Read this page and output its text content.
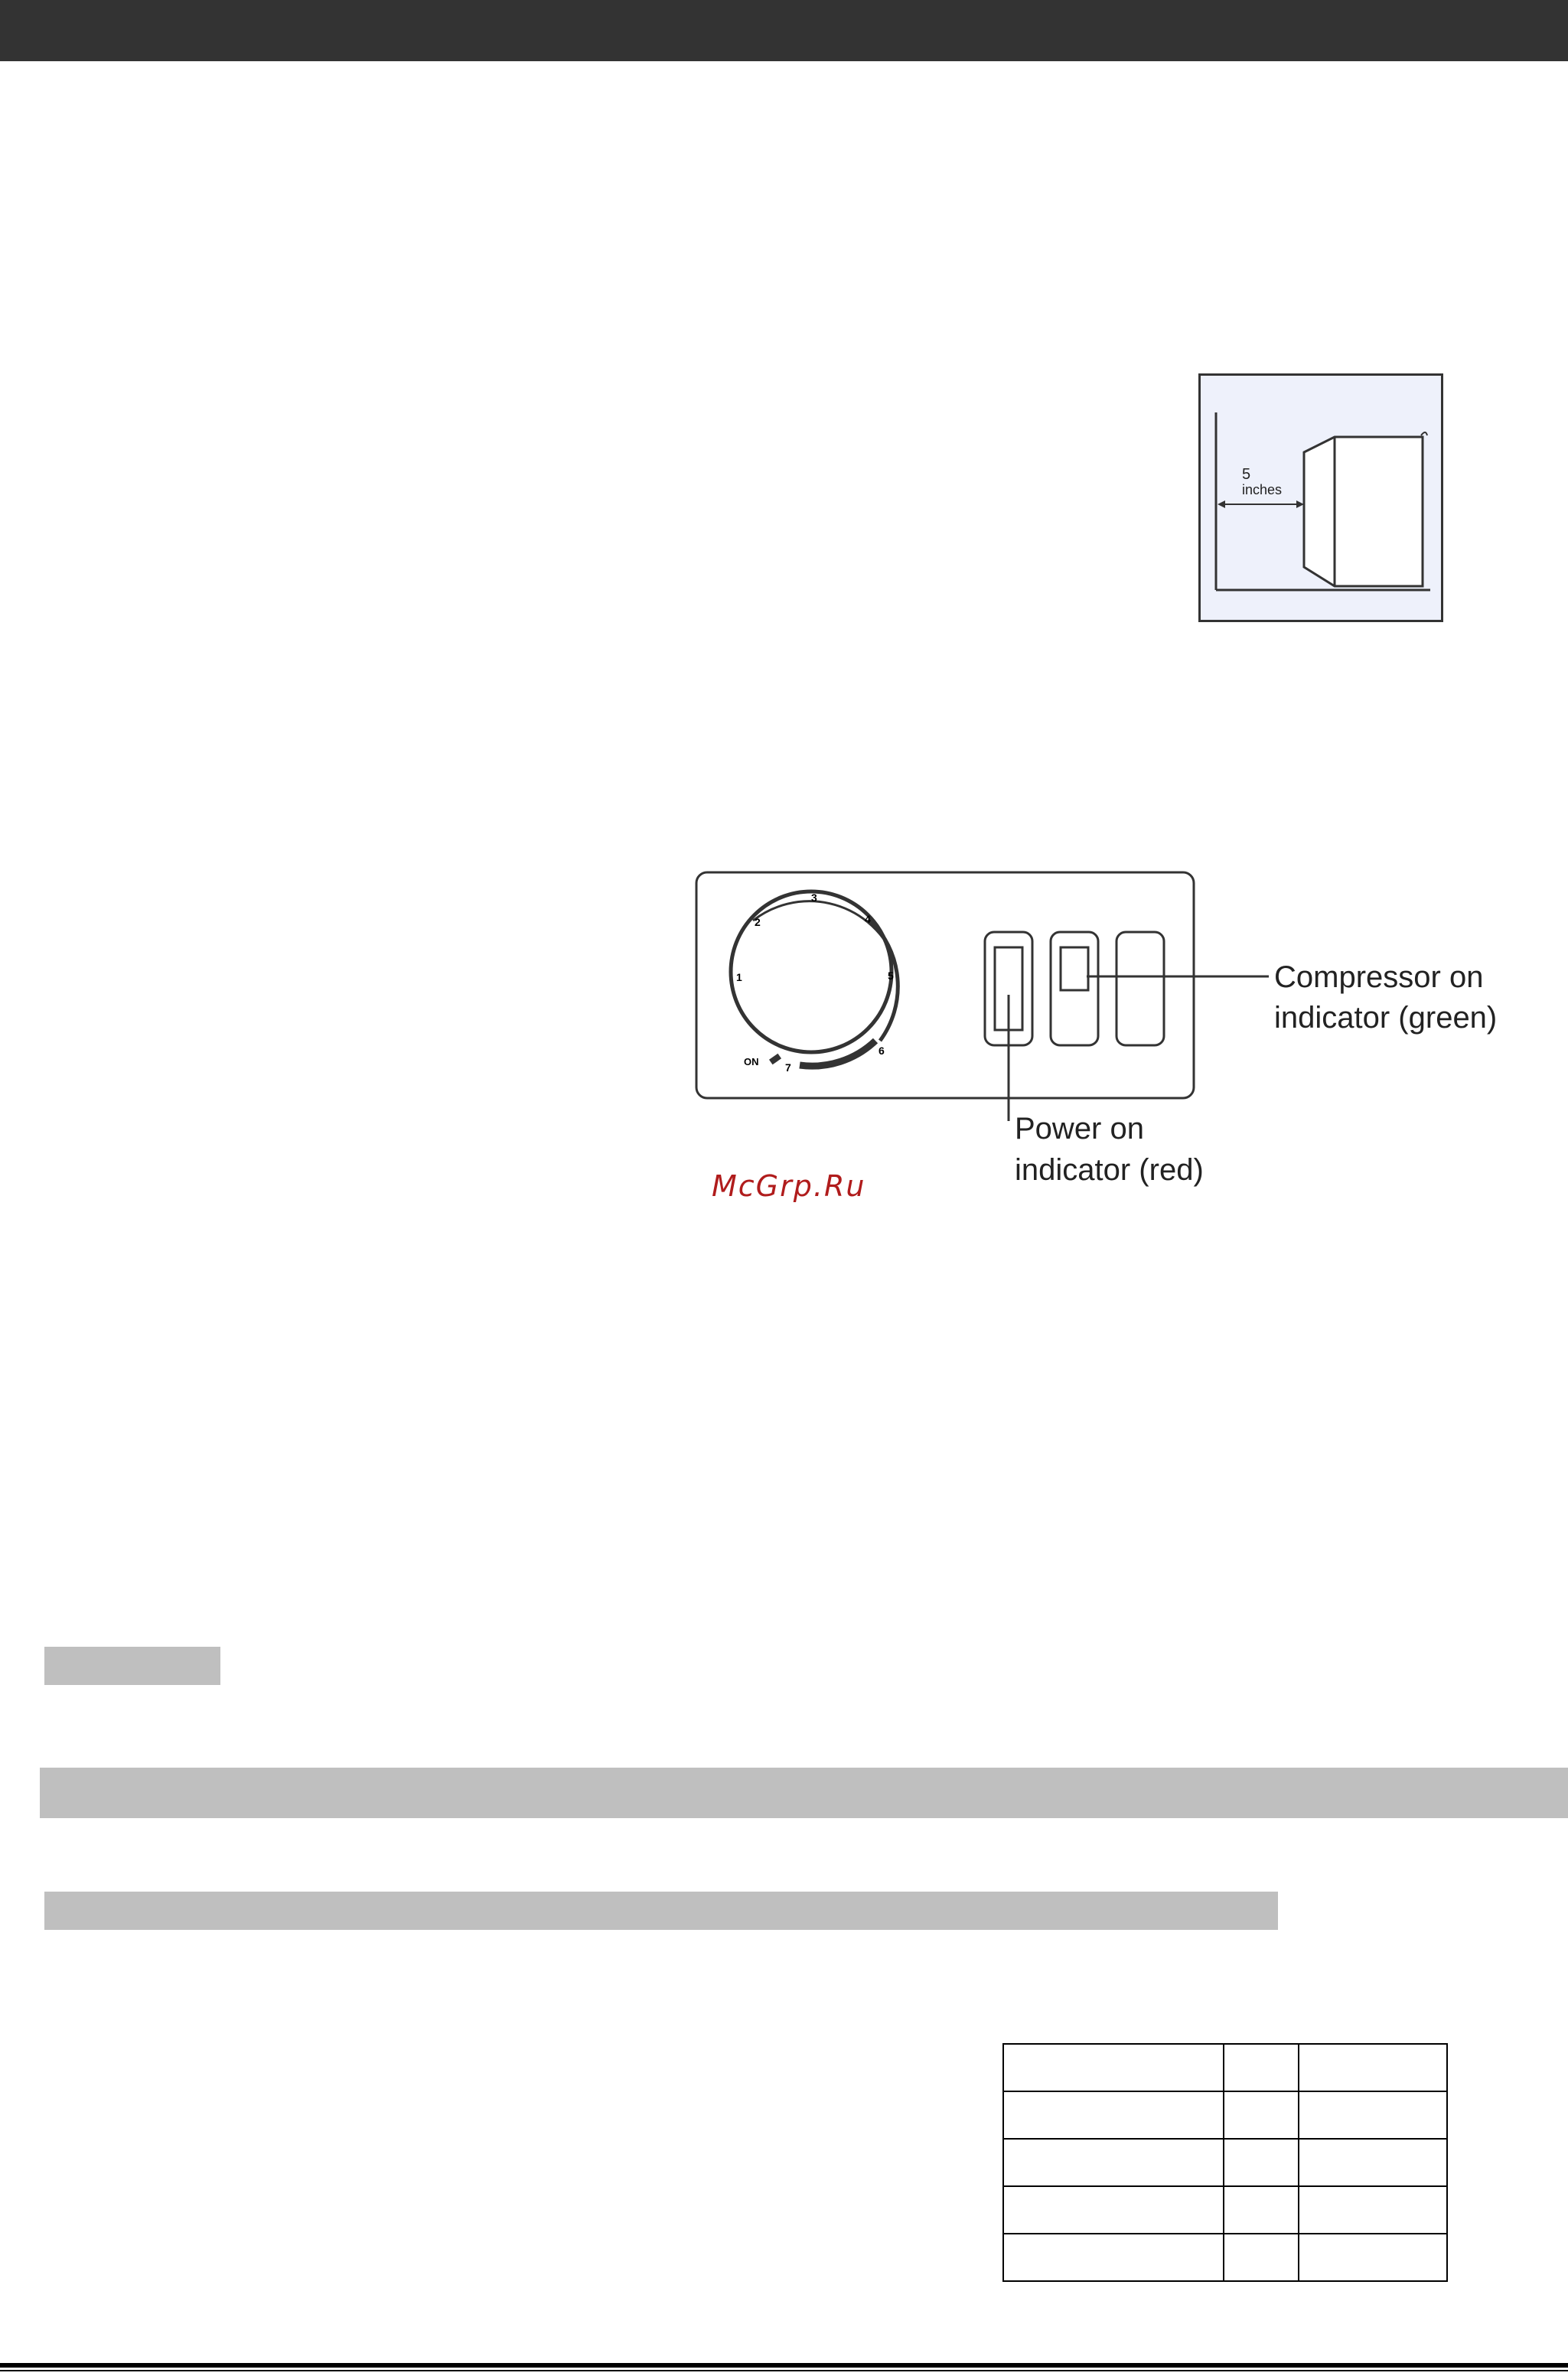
5
inches
1
2
3
4
5
6
7
ON
Compressor on
indicator (green)
Power on
indicator (red)
McGrp.Ru
